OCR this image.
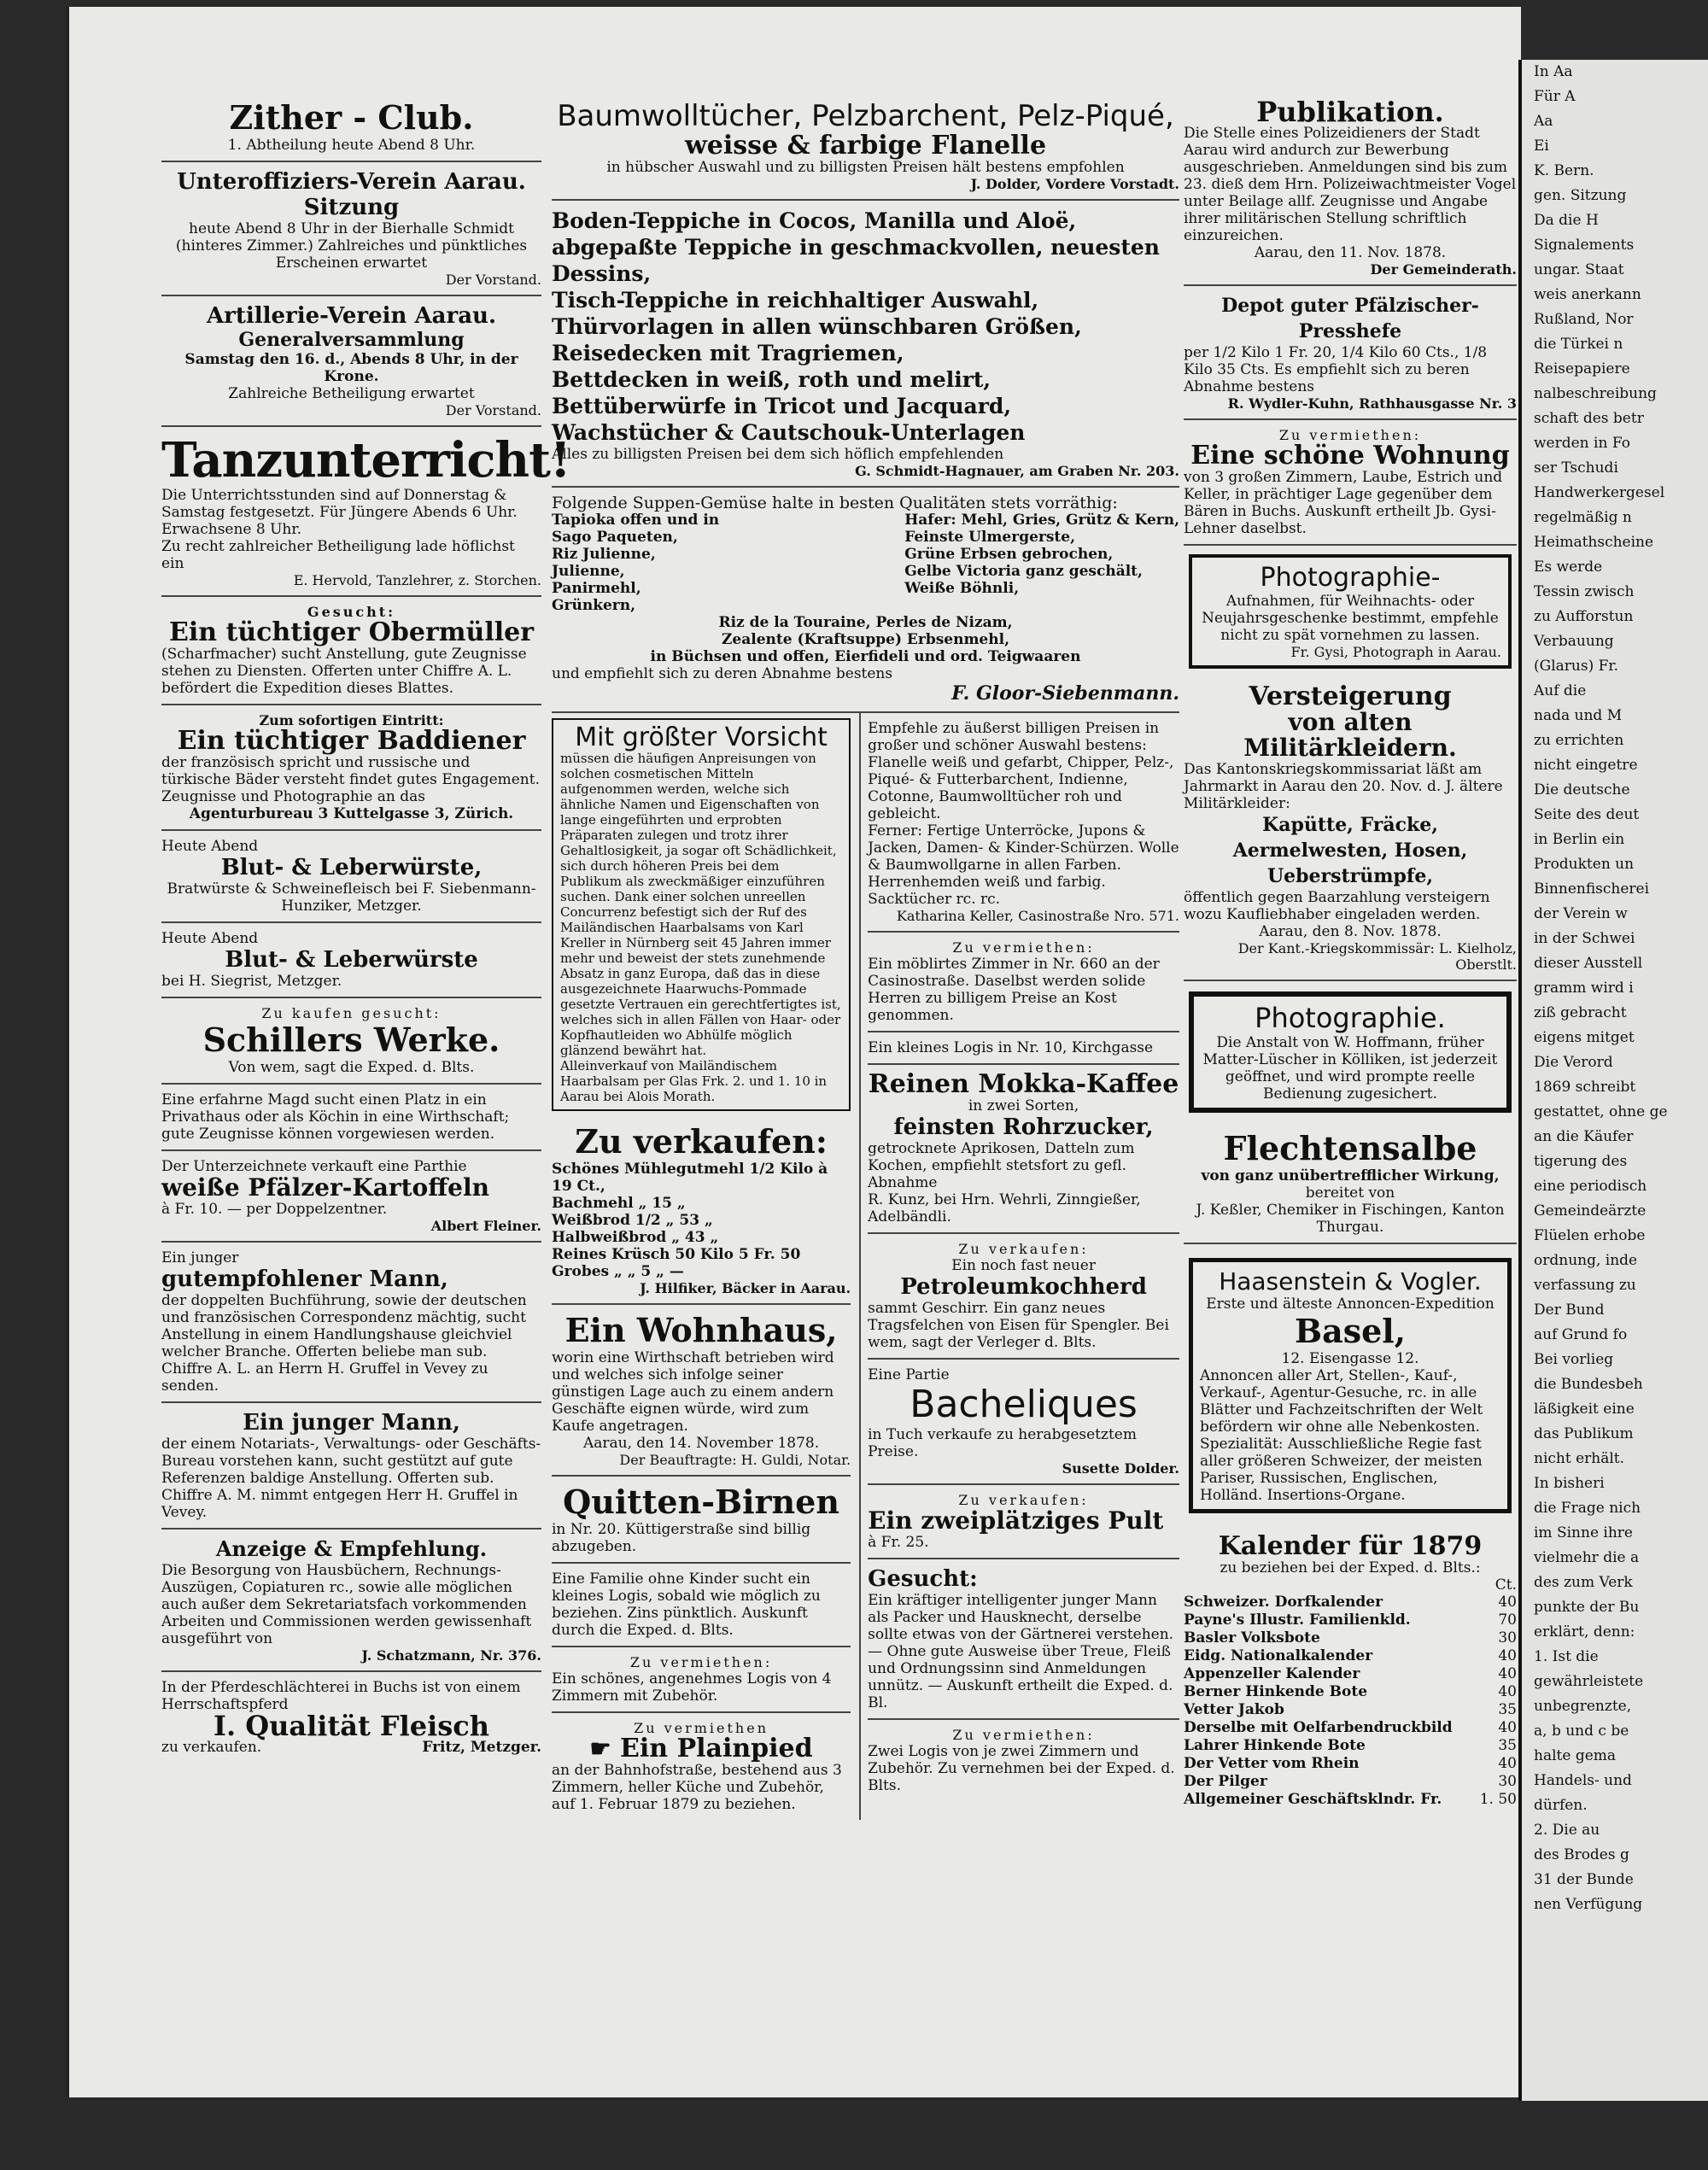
Zither - Club.
1. Abtheilung heute Abend 8 Uhr.
Unteroffiziers-Verein Aarau.
Sitzung
heute Abend 8 Uhr in der Bierhalle Schmidt (hinteres Zimmer.) Zahlreiches und pünktliches Erscheinen erwartet
Der Vorstand.
Artillerie-Verein Aarau.
Generalversammlung
Samstag den 16. d., Abends 8 Uhr, in der Krone.
Zahlreiche Betheiligung erwartet
Der Vorstand.
Tanzunterricht!
Die Unterrichtsstunden sind auf Donnerstag & Samstag festgesetzt. Für Jüngere Abends 6 Uhr. Erwachsene 8 Uhr.
Zu recht zahlreicher Betheiligung lade höflichst ein
E. Hervold, Tanzlehrer, z. Storchen.
Gesucht:
Ein tüchtiger Obermüller
(Scharfmacher) sucht Anstellung, gute Zeugnisse stehen zu Diensten. Offerten unter Chiffre A. L. befördert die Expedition dieses Blattes.
Zum sofortigen Eintritt:
Ein tüchtiger Baddiener
der französisch spricht und russische und türkische Bäder versteht findet gutes Engagement. Zeugnisse und Photographie an das
Agenturbureau 3 Kuttelgasse 3, Zürich.
Heute Abend
Blut- & Leberwürste,
Bratwürste & Schweinefleisch bei F. Siebenmann-Hunziker, Metzger.
Heute Abend
Blut- & Leberwürste
bei H. Siegrist, Metzger.
Zu kaufen gesucht:
Schillers Werke.
Von wem, sagt die Exped. d. Blts.
Eine erfahrne Magd sucht einen Platz in ein Privathaus oder als Köchin in eine Wirthschaft; gute Zeugnisse können vorgewiesen werden.
Der Unterzeichnete verkauft eine Parthie
weiße Pfälzer-Kartoffeln
à Fr. 10. — per Doppelzentner.
Albert Fleiner.
Ein junger
gutempfohlener Mann,
der doppelten Buchführung, sowie der deutschen und französischen Correspondenz mächtig, sucht Anstellung in einem Handlungshause gleichviel welcher Branche. Offerten beliebe man sub. Chiffre A. L. an Herrn H. Gruffel in Vevey zu senden.
Ein junger Mann,
der einem Notariats-, Verwaltungs- oder Geschäfts-Bureau vorstehen kann, sucht gestützt auf gute Referenzen baldige Anstellung. Offerten sub. Chiffre A. M. nimmt entgegen Herr H. Gruffel in Vevey.
Anzeige & Empfehlung.
Die Besorgung von Hausbüchern, Rechnungs-Auszügen, Copiaturen rc., sowie alle möglichen auch außer dem Sekretariatsfach vorkommenden Arbeiten und Commissionen werden gewissenhaft ausgeführt von
J. Schatzmann, Nr. 376.
In der Pferdeschlächterei in Buchs ist von einem Herrschaftspferd
I. Qualität Fleisch
zu verkaufen.	Fritz, Metzger.
Baumwolltücher, Pelzbarchent, Pelz-Piqué,
weisse & farbige Flanelle
in hübscher Auswahl und zu billigsten Preisen hält bestens empfohlen
J. Dolder, Vordere Vorstadt.
Boden-Teppiche in Cocos, Manilla und Aloë,
abgepaßte Teppiche in geschmackvollen, neuesten Dessins,
Tisch-Teppiche in reichhaltiger Auswahl,
Thürvorlagen in allen wünschbaren Größen,
Reisedecken mit Tragriemen,
Bettdecken in weiß, roth und melirt,
Bettüberwürfe in Tricot und Jacquard,
Wachstücher & Cautschouk-Unterlagen
Alles zu billigsten Preisen bei dem sich höflich empfehlenden
G. Schmidt-Hagnauer, am Graben Nr. 203.
Folgende Suppen-Gemüse halte in besten Qualitäten stets vorräthig:
Tapioka offen und in
Sago Paqueten,
Riz Julienne,
Julienne,
Panirmehl,
Grünkern,
Hafer: Mehl, Gries, Grütz & Kern,
Feinste Ulmergerste,
Grüne Erbsen gebrochen,
Gelbe Victoria ganz geschält,
Weiße Böhnli,
Riz de la Touraine, Perles de Nizam,
Zealente (Kraftsuppe) Erbsenmehl,
in Büchsen und offen, Eierfideli und ord. Teigwaaren
und empfiehlt sich zu deren Abnahme bestens
F. Gloor-Siebenmann.
Mit größter Vorsicht
müssen die häufigen Anpreisungen von solchen cosmetischen Mitteln aufgenommen werden, welche sich ähnliche Namen und Eigenschaften von lange eingeführten und erprobten Präparaten zulegen und trotz ihrer Gehaltlosigkeit, ja sogar oft Schädlichkeit, sich durch höheren Preis bei dem Publikum als zweckmäßiger einzuführen suchen. Dank einer solchen unreellen Concurrenz befestigt sich der Ruf des Mailändischen Haarbalsams von Karl Kreller in Nürnberg seit 45 Jahren immer mehr und beweist der stets zunehmende Absatz in ganz Europa, daß das in diese ausgezeichnete Haarwuchs-Pommade gesetzte Vertrauen ein gerechtfertigtes ist, welches sich in allen Fällen von Haar- oder Kopfhautleiden wo Abhülfe möglich glänzend bewährt hat.
Alleinverkauf von Mailändischem Haarbalsam per Glas Frk. 2. und 1. 10 in Aarau bei Alois Morath.
Zu verkaufen:
Schönes Mühlegutmehl 1/2 Kilo à 19 Ct.,
Bachmehl „ 15 „
Weißbrod 1/2 „ 53 „
Halbweißbrod „ 43 „
Reines Krüsch 50 Kilo 5 Fr. 50
Grobes „ „ 5 „ —
J. Hilfiker, Bäcker in Aarau.
Ein Wohnhaus,
worin eine Wirthschaft betrieben wird und welches sich infolge seiner günstigen Lage auch zu einem andern Geschäfte eignen würde, wird zum Kaufe angetragen.
Aarau, den 14. November 1878.
Der Beauftragte: H. Guldi, Notar.
Quitten-Birnen
in Nr. 20. Küttigerstraße sind billig abzugeben.
Eine Familie ohne Kinder sucht ein kleines Logis, sobald wie möglich zu beziehen. Zins pünktlich. Auskunft durch die Exped. d. Blts.
Zu vermiethen:
Ein schönes, angenehmes Logis von 4 Zimmern mit Zubehör.
Zu vermiethen
☛ Ein Plainpied
an der Bahnhofstraße, bestehend aus 3 Zimmern, heller Küche und Zubehör, auf 1. Februar 1879 zu beziehen.
Empfehle zu äußerst billigen Preisen in großer und schöner Auswahl bestens: Flanelle weiß und gefarbt, Chipper, Pelz-, Piqué- & Futterbarchent, Indienne, Cotonne, Baumwolltücher roh und gebleicht.
Ferner: Fertige Unterröcke, Jupons & Jacken, Damen- & Kinder-Schürzen. Wolle & Baumwollgarne in allen Farben. Herrenhemden weiß und farbig. Sacktücher rc. rc.
Katharina Keller, Casinostraße Nro. 571.
Zu vermiethen:
Ein möblirtes Zimmer in Nr. 660 an der Casinostraße. Daselbst werden solide Herren zu billigem Preise an Kost genommen.
Ein kleines Logis in Nr. 10, Kirchgasse
Reinen Mokka-Kaffee
in zwei Sorten,
feinsten Rohrzucker,
getrocknete Aprikosen, Datteln zum Kochen, empfiehlt stetsfort zu gefl. Abnahme
R. Kunz, bei Hrn. Wehrli, Zinngießer, Adelbändli.
Zu verkaufen:
Ein noch fast neuer
Petroleumkochherd
sammt Geschirr. Ein ganz neues Tragsfelchen von Eisen für Spengler. Bei wem, sagt der Verleger d. Blts.
Eine Partie
Bacheliques
in Tuch verkaufe zu herabgesetztem Preise.
Susette Dolder.
Zu verkaufen:
Ein zweiplätziges Pult
à Fr. 25.
Gesucht:
Ein kräftiger intelligenter junger Mann als Packer und Hausknecht, derselbe sollte etwas von der Gärtnerei verstehen. — Ohne gute Ausweise über Treue, Fleiß und Ordnungssinn sind Anmeldungen unnütz. — Auskunft ertheilt die Exped. d. Bl.
Zu vermiethen:
Zwei Logis von je zwei Zimmern und Zubehör. Zu vernehmen bei der Exped. d. Blts.
Publikation.
Die Stelle eines Polizeidieners der Stadt Aarau wird andurch zur Bewerbung ausgeschrieben. Anmeldungen sind bis zum 23. dieß dem Hrn. Polizeiwachtmeister Vogel unter Beilage allf. Zeugnisse und Angabe ihrer militärischen Stellung schriftlich einzureichen.
Aarau, den 11. Nov. 1878.
Der Gemeinderath.
Depot guter Pfälzischer-Presshefe
per 1/2 Kilo 1 Fr. 20, 1/4 Kilo 60 Cts., 1/8 Kilo 35 Cts. Es empfiehlt sich zu beren Abnahme bestens
R. Wydler-Kuhn, Rathhausgasse Nr. 3
Zu vermiethen:
Eine schöne Wohnung
von 3 großen Zimmern, Laube, Estrich und Keller, in prächtiger Lage gegenüber dem Bären in Buchs. Auskunft ertheilt Jb. Gysi-Lehner daselbst.
Photographie-
Aufnahmen, für Weihnachts- oder Neujahrsgeschenke bestimmt, empfehle nicht zu spät vornehmen zu lassen.
Fr. Gysi, Photograph in Aarau.
Versteigerung
von alten Militärkleidern.
Das Kantonskriegskommissariat läßt am Jahrmarkt in Aarau den 20. Nov. d. J. ältere Militärkleider:
Kapütte, Fräcke, Aermelwesten, Hosen, Ueberstrümpfe,
öffentlich gegen Baarzahlung versteigern wozu Kaufliebhaber eingeladen werden.
Aarau, den 8. Nov. 1878.
Der Kant.-Kriegskommissär: L. Kielholz, Oberstlt.
Photographie.
Die Anstalt von W. Hoffmann, früher Matter-Lüscher in Kölliken, ist jederzeit geöffnet, und wird prompte reelle Bedienung zugesichert.
Flechtensalbe
von ganz unübertrefflicher Wirkung,
bereitet von
J. Keßler, Chemiker in Fischingen, Kanton Thurgau.
Haasenstein & Vogler.
Erste und älteste Annoncen-Expedition
Basel,
12. Eisengasse 12.
Annoncen aller Art, Stellen-, Kauf-, Verkauf-, Agentur-Gesuche, rc. in alle Blätter und Fachzeitschriften der Welt befördern wir ohne alle Nebenkosten.
Spezialität: Ausschließliche Regie fast aller größeren Schweizer, der meisten Pariser, Russischen, Englischen, Holländ. Insertions-Organe.
Kalender für 1879
zu beziehen bei der Exped. d. Blts.:
Ct.
Schweizer. Dorfkalender	40
Payne's Illustr. Familienkld.	70
Basler Volksbote	30
Eidg. Nationalkalender	40
Appenzeller Kalender	40
Berner Hinkende Bote	40
Vetter Jakob	35
Derselbe mit Oelfarbendruckbild	40
Lahrer Hinkende Bote	35
Der Vetter vom Rhein	40
Der Pilger	30
Allgemeiner Geschäftsklndr. Fr.	1. 50
In Aa
Für A
Aa
Ei
K. Bern.
gen. Sitzung
Da die H
Signalements
ungar. Staat
weis anerkann
Rußland, Nor
die Türkei n
Reisepapiere
nalbeschreibung
schaft des betr
werden in Fo
ser Tschudi
Handwerkergesel
regelmäßig n
Heimathscheine
Es werde
Tessin zwisch
zu Aufforstun
Verbauung
(Glarus) Fr.
Auf die
nada und M
zu errichten
nicht eingetre
Die deutsche
Seite des deut
in Berlin ein
Produkten un
Binnenfischerei
der Verein w
in der Schwei
dieser Ausstell
gramm wird i
ziß gebracht
eigens mitget
Die Verord
1869 schreibt
gestattet, ohne ge
an die Käufer
tigerung des
eine periodisch
Gemeindeärzte
Flüelen erhobe
ordnung, inde
verfassung zu
Der Bund
auf Grund fo
Bei vorlieg
die Bundesbeh
läßigkeit eine
das Publikum
nicht erhält.
In bisheri
die Frage nich
im Sinne ihre
vielmehr die a
des zum Verk
punkte der Bu
erklärt, denn:
1. Ist die
gewährleistete
unbegrenzte,
a, b und c be
halte gema
Handels- und
dürfen.
2. Die au
des Brodes g
31 der Bunde
nen Verfügung
